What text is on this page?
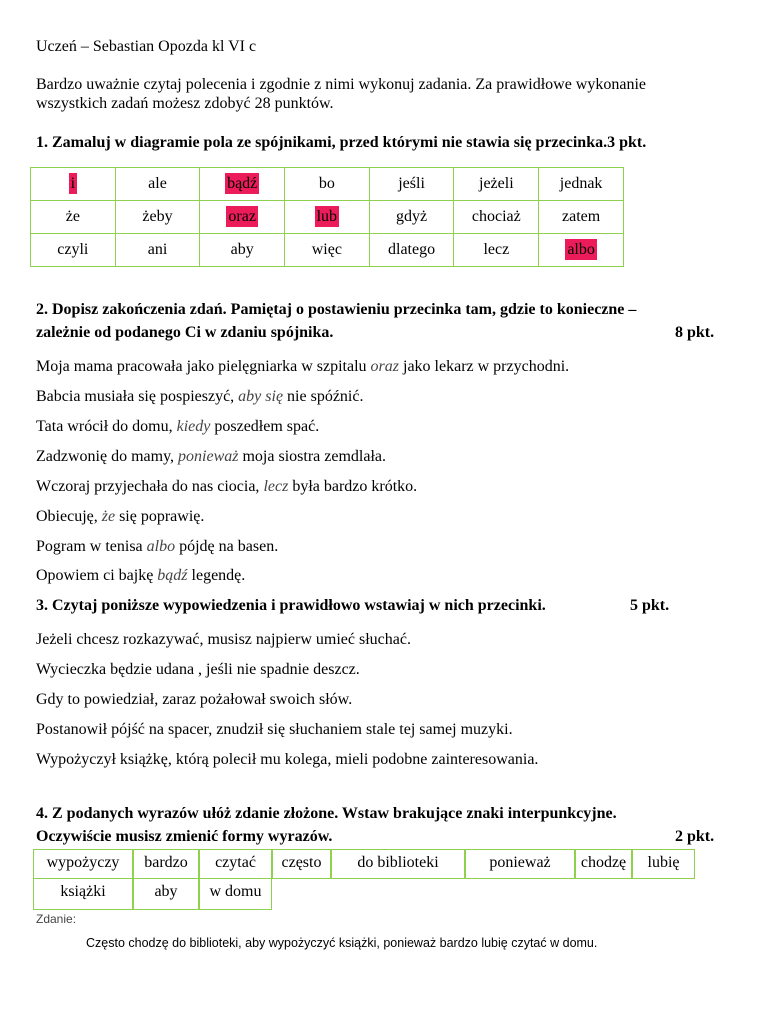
Uczeń – Sebastian Opozda kl VI c
Bardzo uważnie czytaj polecenia i zgodnie z nimi wykonuj zadania. Za prawidłowe wykonanie
wszystkich zadań możesz zdobyć 28 punktów.
1. Zamaluj w diagramie pola ze spójnikami, przed którymi nie stawia się przecinka.3 pkt.
i	ale	bądź	bo	jeśli	jeżeli	jednak
że	żeby	oraz	lub	gdyż	chociaż	zatem
czyli	ani	aby	więc	dlatego	lecz	albo
2. Dopisz zakończenia zdań. Pamiętaj o postawieniu przecinka tam, gdzie to konieczne –
zależnie od podanego Ci w zdaniu spójnika.	8 pkt.
Moja mama pracowała jako pielęgniarka w szpitalu oraz jako lekarz w przychodni.
Babcia musiała się pospieszyć, aby się nie spóźnić.
Tata wrócił do domu, kiedy poszedłem spać.
Zadzwonię do mamy, ponieważ moja siostra zemdlała.
Wczoraj przyjechała do nas ciocia, lecz była bardzo krótko.
Obiecuję, że się poprawię.
Pogram w tenisa albo pójdę na basen.
Opowiem ci bajkę bądź legendę.
3. Czytaj poniższe wypowiedzenia i prawidłowo wstawiaj w nich przecinki.	5 pkt.
Jeżeli chcesz rozkazywać, musisz najpierw umieć słuchać.
Wycieczka będzie udana , jeśli nie spadnie deszcz.
Gdy to powiedział, zaraz pożałował swoich słów.
Postanowił pójść na spacer, znudził się słuchaniem stale tej samej muzyki.
Wypożyczył książkę, którą polecił mu kolega, mieli podobne zainteresowania.
4. Z podanych wyrazów ułóż zdanie złożone. Wstaw brakujące znaki interpunkcyjne.
Oczywiście musisz zmienić formy wyrazów.	2 pkt.
wypożyczy	bardzo	czytać	często	do biblioteki	ponieważ	chodzę	lubię
książki	aby	w domu
Zdanie:
Często chodzę do biblioteki, aby wypożyczyć książki, ponieważ bardzo lubię czytać w domu.
